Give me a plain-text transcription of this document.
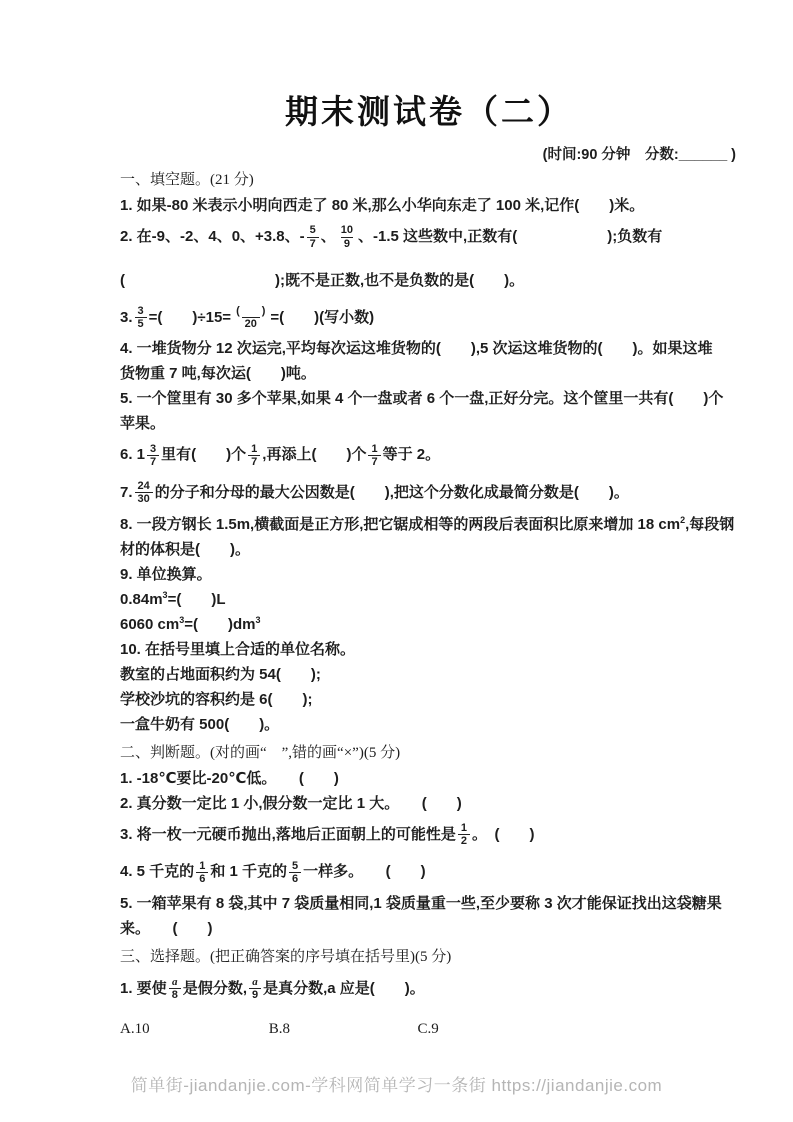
期末测试卷（二）
(时间:90 分钟　分数:______ )
一、填空题。(21 分)
1. 如果-80 米表示小明向西走了 80 米,那么小华向东走了 100 米,记作(　　)米。
2. 在-9、-2、4、0、+3.8、- $\frac{5}{7}$ 、 $\frac{10}{9}$ 、-1.5 这些数中,正数有(　　　　　　);负数有
(　　　　　　　　　　);既不是正数,也不是负数的是(　　)。
3. $\frac{3}{5}$ =(　　)$\div 15= \frac{( )}{20}$ =(　　)(写小数)
4. 一堆货物分 12 次运完,平均每次运这堆货物的(　　),5 次运这堆货物的(　　)。如果这堆
货物重 7 吨,每次运(　　)吨。
5. 一个筐里有 30 多个苹果,如果 4 个一盘或者 6 个一盘,正好分完。这个筐里一共有(　　)个
苹果。
6. $1 \frac{3}{7}$ 里有(　　)个 $\frac{1}{7}$ ,再添上(　　)个 $\frac{1}{7}$ 等于 2。
7. $\frac{24}{30}$ 的分子和分母的最大公因数是(　　),把这个分数化成最简分数是(　　)。
8. 一段方钢长 1.5m,横截面是正方形,把它锯成相等的两段后表面积比原来增加 18 $cm^2$,每段钢
材的体积是(　　)。
9. 单位换算。
$0.84m^3=$(　　)L
6060 $cm^3=$(　　)$dm^3$
10. 在括号里填上合适的单位名称。
教室的占地面积约为 54(　　);
学校沙坑的容积约是 6(　　);
一盒牛奶有 500(　　)。
二、判断题。(对的画“　”,错的画“×”)(5 分)
1. -18℃要比-20℃低。　　(　　)
2. 真分数一定比 1 小,假分数一定比 1 大。　　(　　)
3. 将一枚一元硬币抛出,落地后正面朝上的可能性是 $\frac{1}{2}$ 。　(　　)
4. 5 千克的 $\frac{1}{6}$ 和 1 千克的 $\frac{5}{6}$ 一样多。　　(　　)
5. 一箱苹果有 8 袋,其中 7 袋质量相同,1 袋质量重一些,至少要称 3 次才能保证找出这袋糖果
来。　　(　　)
三、选择题。(把正确答案的序号填在括号里)(5 分)
1. 要使 $\frac{a}{8}$ 是假分数, $\frac{a}{9}$ 是真分数,a 应是(　　)。
A.10	B.8	C.9
简单街-jiandanjie.com-学科网简单学习一条街 https://jiandanjie.com
